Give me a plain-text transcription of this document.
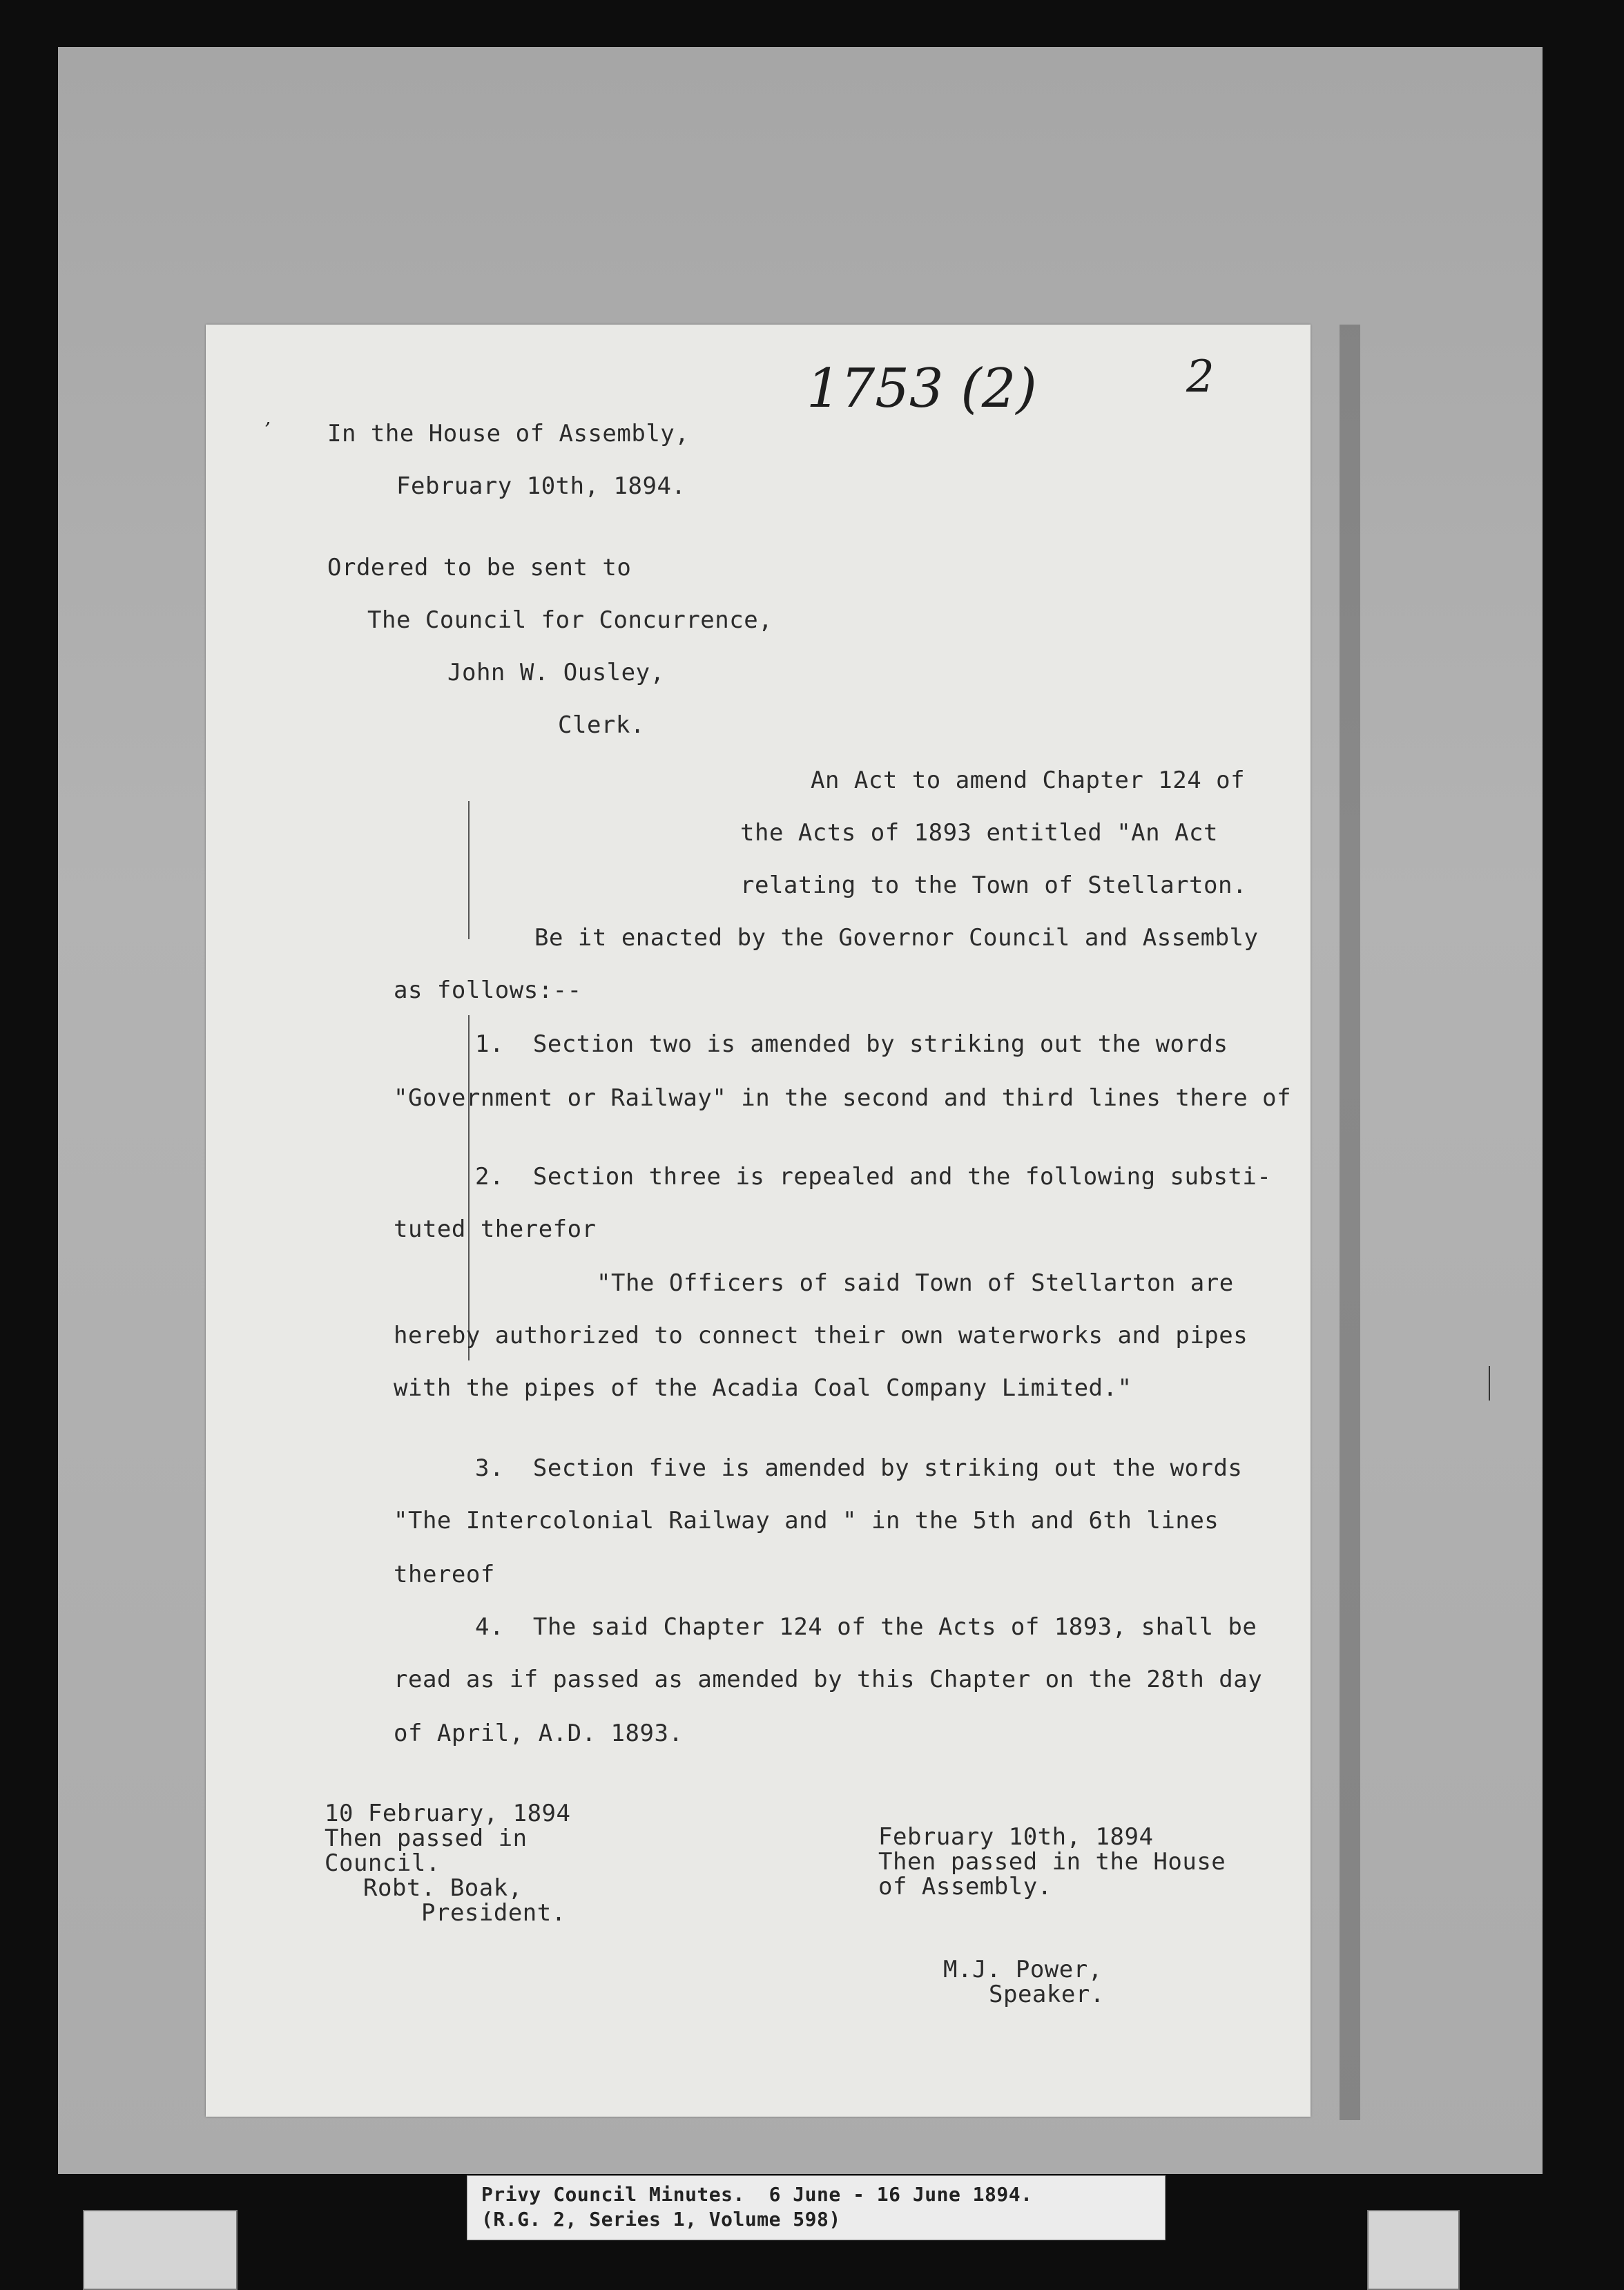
1753 (2)	2
ʼ In the House of Assembly,
February 10th, 1894.
Ordered to be sent to
The Council for Concurrence,
John W. Ousley,
Clerk.
An Act to amend Chapter 124 of
the Acts of 1893 entitled "An Act
relating to the Town of Stellarton.
Be it enacted by the Governor Council and Assembly
as follows:--
1.  Section two is amended by striking out the words
"Government or Railway" in the second and third lines there of
2.  Section three is repealed and the following substi-
tuted therefor
"The Officers of said Town of Stellarton are
hereby authorized to connect their own waterworks and pipes
with the pipes of the Acadia Coal Company Limited."
3.  Section five is amended by striking out the words
"The Intercolonial Railway and " in the 5th and 6th lines
thereof
4.  The said Chapter 124 of the Acts of 1893, shall be
read as if passed as amended by this Chapter on the 28th day
of April, A.D. 1893.
10 February, 1894
Then passed in
Council.
Robt. Boak,
President.
February 10th, 1894
Then passed in the House
of Assembly.
M.J. Power,
Speaker.
Privy Council Minutes.  6 June - 16 June 1894.
(R.G. 2, Series 1, Volume 598)
